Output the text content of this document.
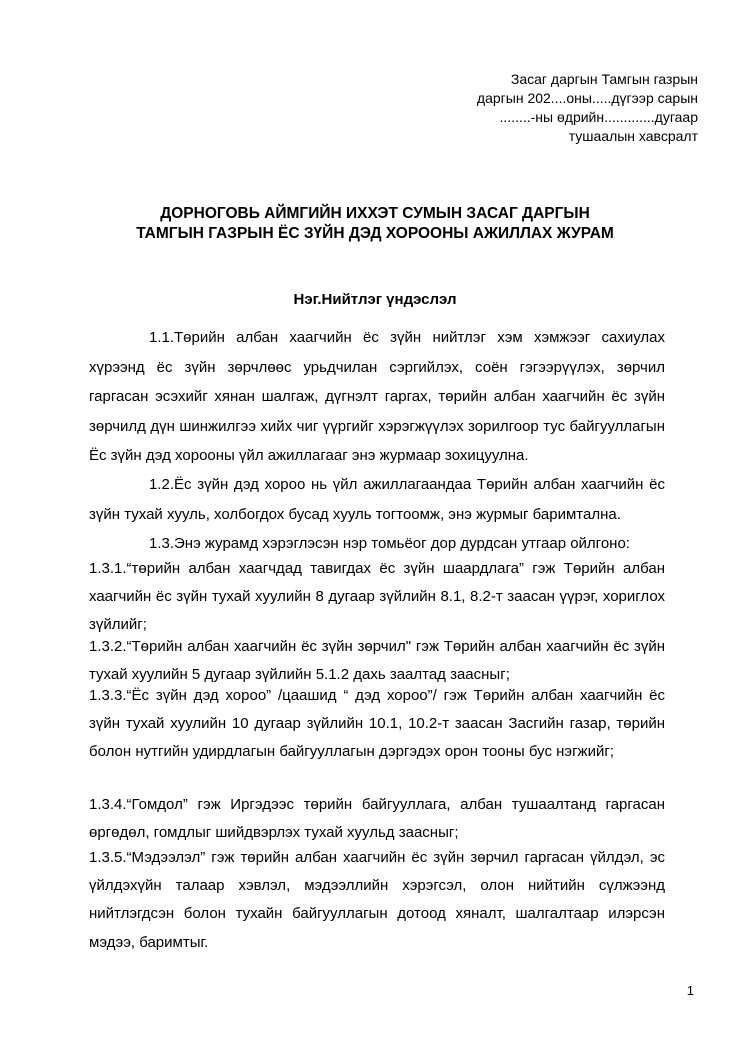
Засаг даргын Тамгын газрын
даргын 202....оны.....дүгээр сарын
........-ны өдрийн.............дугаар
тушаалын хавсралт
ДОРНОГОВЬ АЙМГИЙН ИХХЭТ СУМЫН ЗАСАГ ДАРГЫН
ТАМГЫН ГАЗРЫН ЁС ЗҮЙН ДЭД ХОРООНЫ АЖИЛЛАХ ЖУРАМ
Нэг.Нийтлэг үндэслэл

1.1.Төрийн албан хаагчийн ёс зүйн нийтлэг хэм хэмжээг сахиулах хүрээнд ёс зүйн зөрчлөөс урьдчилан сэргийлэх, соён гэгээрүүлэх, зөрчил гаргасан эсэхийг хянан шалгаж, дүгнэлт гаргах, төрийн албан хаагчийн ёс зүйн зөрчилд дүн шинжилгээ хийх чиг үүргийг хэрэгжүүлэх зорилгоор тус байгууллагын Ёс зүйн дэд хорооны үйл ажиллагааг энэ журмаар зохицуулна.

1.2.Ёс зүйн дэд хороо нь үйл ажиллагаандаа Төрийн албан хаагчийн ёс зүйн тухай хууль, холбогдох бусад хууль тогтоомж, энэ журмыг баримтална.

1.3.Энэ журамд хэрэглэсэн нэр томьёог дор дурдсан утгаар ойлгоно:

1.3.1.“төрийн албан хаагчдад тавигдах ёс зүйн шаардлага” гэж Төрийн албан хаагчийн ёс зүйн тухай хуулийн 8 дугаар зүйлийн 8.1, 8.2-т заасан үүрэг, хориглох зүйлийг;

1.3.2.“Төрийн албан хаагчийн ёс зүйн зөрчил" гэж Төрийн албан хаагчийн ёс зүйн тухай хуулийн 5 дугаар зүйлийн 5.1.2 дахь заалтад заасныг;

1.3.3.“Ёс зүйн дэд хороо” /цаашид “ дэд хороо”/ гэж Төрийн албан хаагчийн ёс зүйн тухай хуулийн 10 дугаар зүйлийн 10.1, 10.2-т заасан Засгийн газар, төрийн болон нутгийн удирдлагын байгууллагын дэргэдэх орон тооны бус нэгжийг;

1.3.4.“Гомдол” гэж Иргэдээс төрийн байгууллага, албан тушаалтанд гаргасан өргөдөл, гомдлыг шийдвэрлэх тухай хуульд заасныг;

1.3.5.“Мэдээлэл” гэж төрийн албан хаагчийн ёс зүйн зөрчил гаргасан үйлдэл, эс үйлдэхүйн талаар хэвлэл, мэдээллийн хэрэгсэл, олон нийтийн сүлжээнд нийтлэгдсэн болон тухайн байгууллагын дотоод хяналт, шалгалтаар илэрсэн мэдээ, баримтыг.

1
